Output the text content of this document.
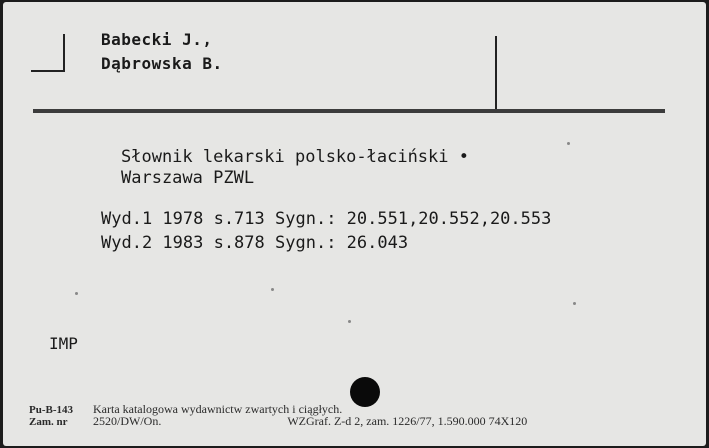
Babecki J.,
Dąbrowska B.
Słownik lekarski polsko-łaciński •
Warszawa PZWL
Wyd.1 1978 s.713 Sygn.: 20.551,20.552,20.553
Wyd.2 1983 s.878 Sygn.: 26.043
IMP
Pu-B-143 Karta katalogowa wydawnictw zwartych i ciągłych.
Zam. nr 2520/DW/On.	WZGraf. Z-d 2, zam. 1226/77, 1.590.000 74X120
